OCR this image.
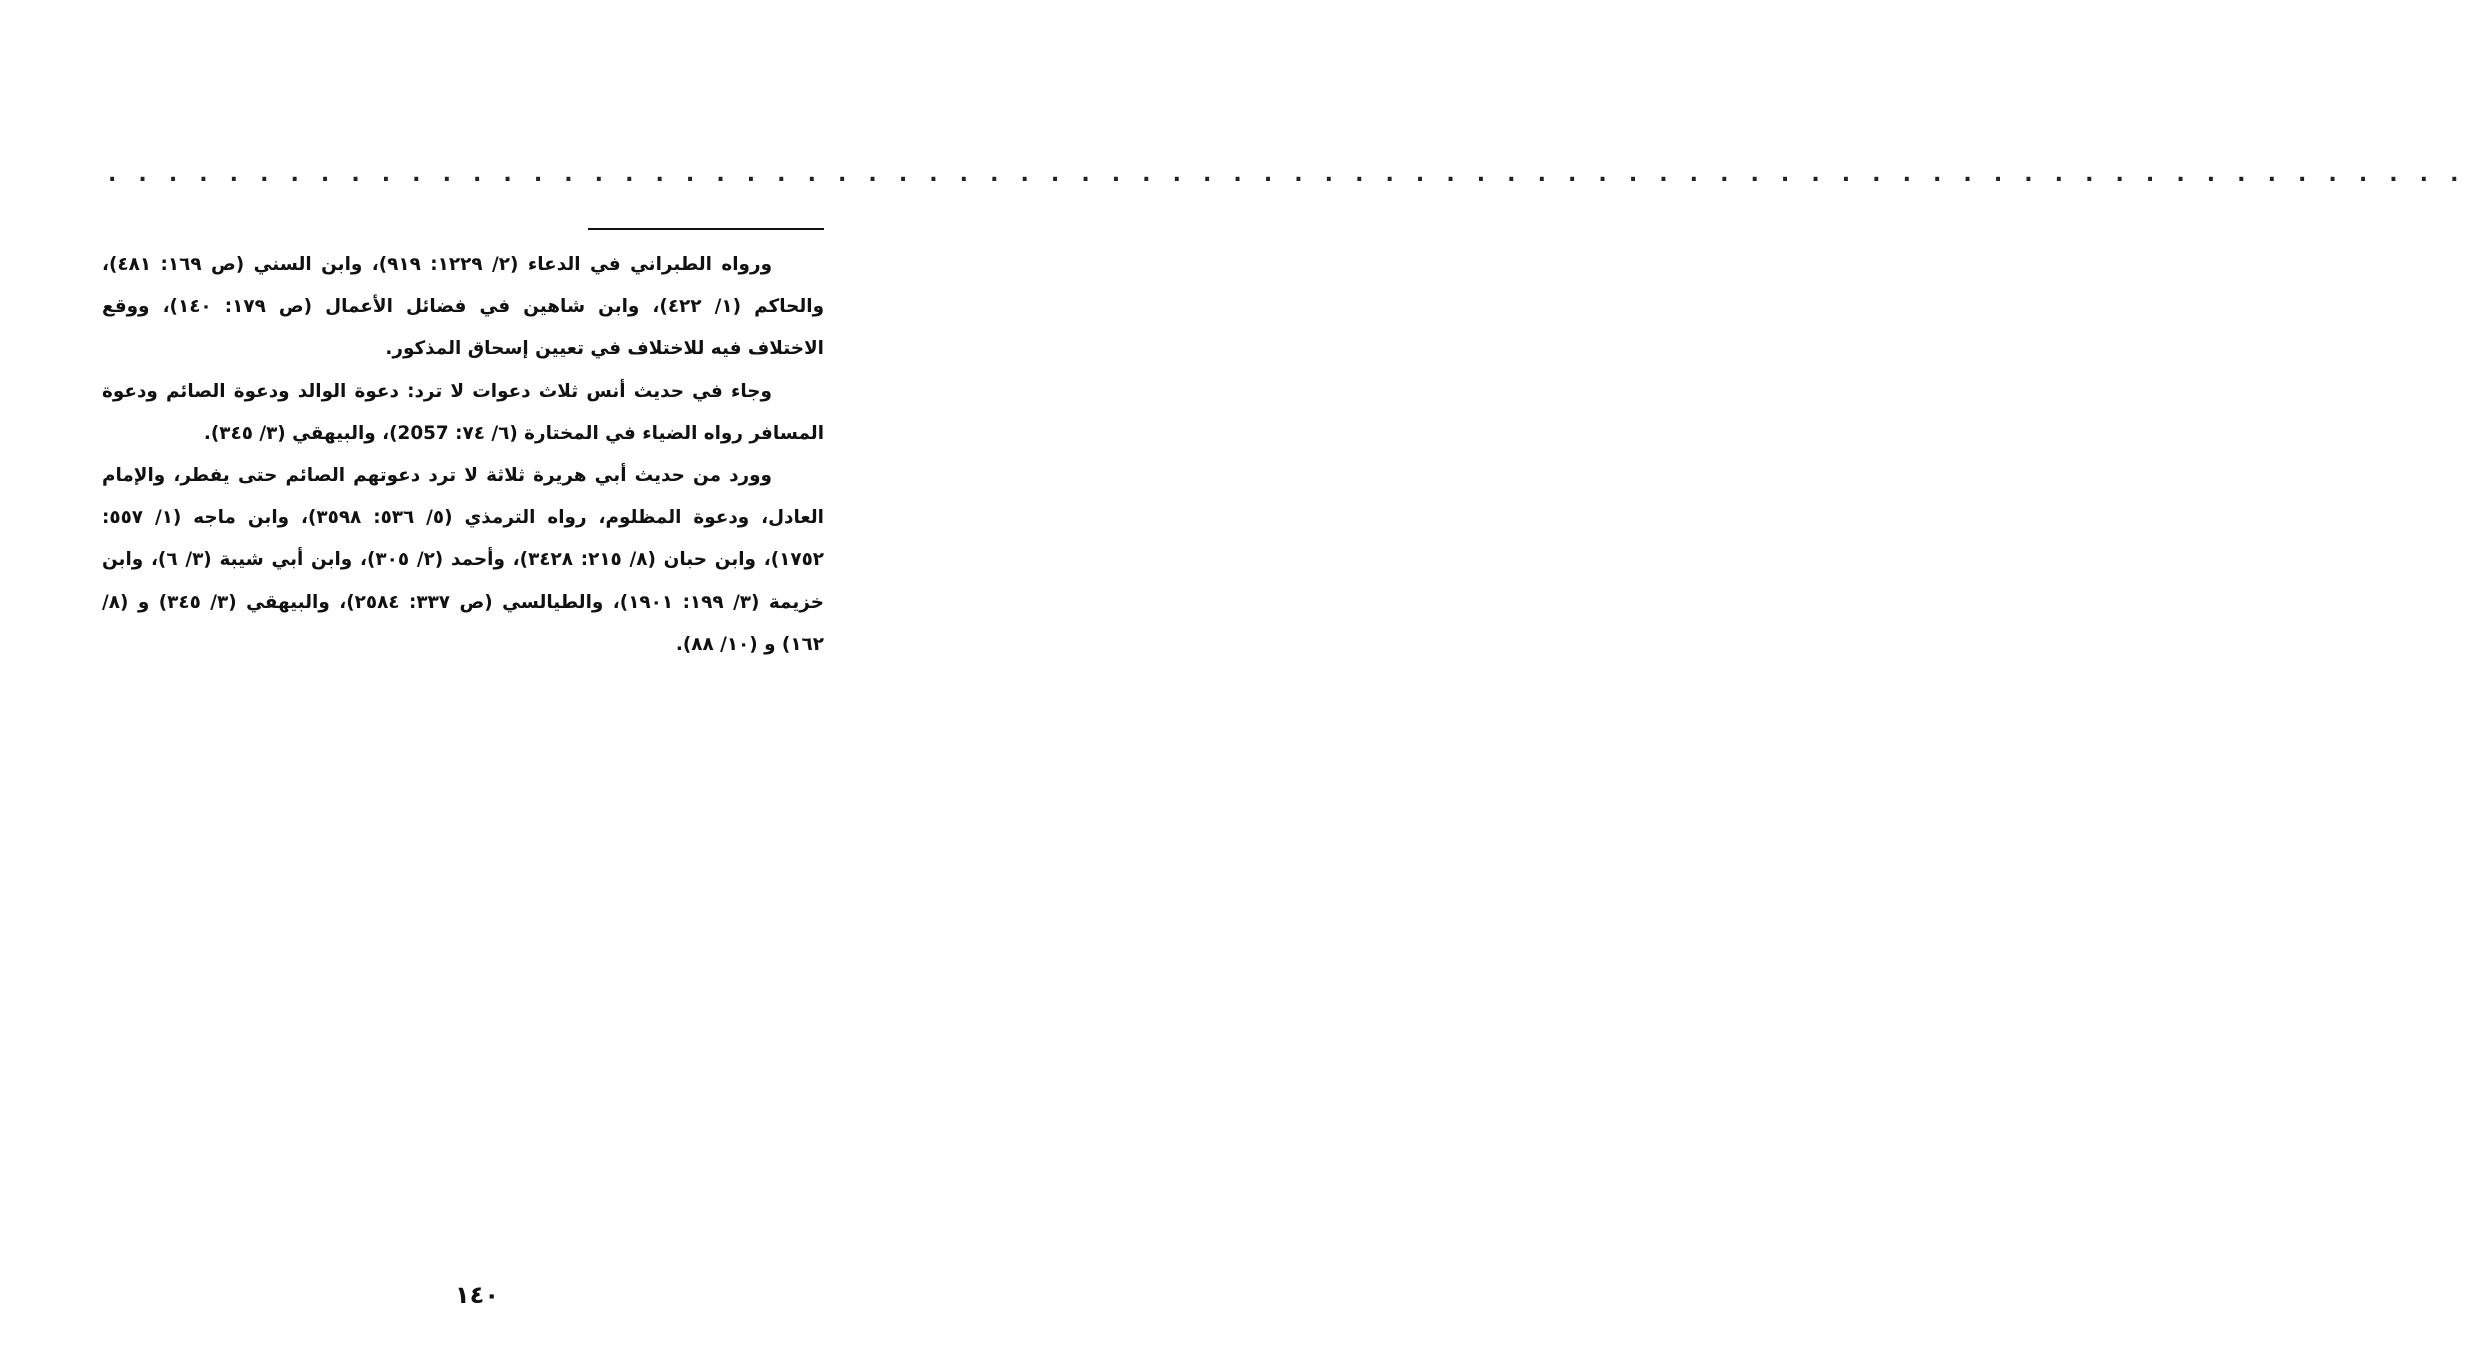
. . . . . . . . . . . . . . . . . . . . . . . . . . . . . . . . . . . . . . . . . . . . . . . . . . . . . . . . . . . . . . . . . . . . . . . . . . . . . .

ورواه الطبراني في الدعاء (٢/ ١٢٢٩: ٩١٩)، وابن السني (ص ١٦٩: ٤٨١)، والحاكم (١/ ٤٢٢)، وابن شاهين في فضائل الأعمال (ص ١٧٩: ١٤٠)، ووقع الاختلاف فيه للاختلاف في تعيين إسحاق المذكور.

وجاء في حديث أنس ثلاث دعوات لا ترد: دعوة الوالد ودعوة الصائم ودعوة المسافر رواه الضياء في المختارة (٦/ ٧٤: 2057)، والبيهقي (٣/ ٣٤٥).

وورد من حديث أبي هريرة ثلاثة لا ترد دعوتهم الصائم حتى يفطر، والإمام العادل، ودعوة المظلوم، رواه الترمذي (٥/ ٥٣٦: ٣٥٩٨)، وابن ماجه (١/ ٥٥٧: ١٧٥٢)، وابن حبان (٨/ ٢١٥: ٣٤٢٨)، وأحمد (٢/ ٣٠٥)، وابن أبي شيبة (٣/ ٦)، وابن خزيمة (٣/ ١٩٩: ١٩٠١)، والطيالسي (ص ٣٣٧: ٢٥٨٤)، والبيهقي (٣/ ٣٤٥) و (٨/ ١٦٢) و (١٠/ ٨٨).

١٤٠
